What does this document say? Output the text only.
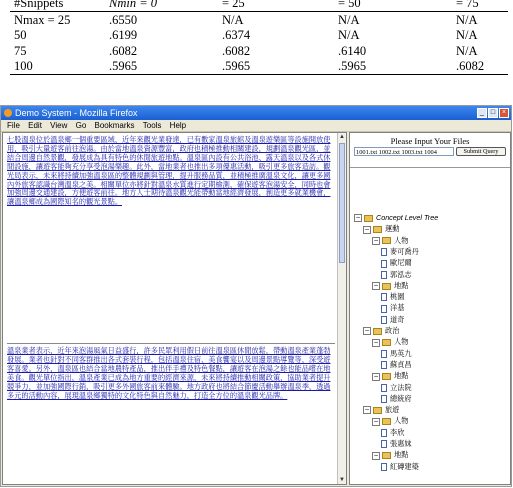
#Snippets	Nmin = 0	= 25	= 50	= 75
Nmax = 25	.6550	N/A	N/A	N/A
50	.6199	.6374	N/A	N/A
75	.6082	.6082	.6140	N/A
100	.5965	.5965	.5965	.6082
Demo System - Mozilla Firefox	_ □ ×
File Edit View Go Bookmarks Tools Help
七股溫泉位於溫泉鄉一個重要區域，近年來觀光業發達，已有數家溫泉旅館及溫泉遊樂區等設施開放使用，吸引大量遊客前往泡湯。由於當地溫泉資源豐富，政府也積極推動相關建設，規劃溫泉觀光區，並結合周邊自然景觀，發展成為具有特色的休閒旅遊地點。溫泉區內設有公共浴池、露天溫泉以及各式休閒設施，讓遊客能夠充分享受泡湯樂趣。此外，當地業者也推出多項優惠活動，吸引更多旅客造訪。觀光局表示，未來將持續加強溫泉區的整體規劃與管理，提升服務品質，並積極推廣溫泉文化，讓更多國內外旅客認識台灣溫泉之美。相關單位亦將針對溫泉水質進行定期檢測，確保遊客泡湯安全，同時也會加強周邊交通建設，方便遊客前往。地方人士期待溫泉觀光能帶動當地經濟發展，創造更多就業機會，讓溫泉鄉成為國際知名的觀光景點。
溫泉業者表示，近年來泡湯風氣日益盛行，許多民眾利用假日前往溫泉區休閒放鬆，帶動溫泉產業蓬勃發展。業者也針對不同客群推出各式套裝行程，包括溫泉住宿、美食饗宴以及周邊景點導覽等，深受遊客喜愛。另外，溫泉區也結合當地農特產品，推出伴手禮及特色餐點，讓遊客在泡湯之餘也能品嚐在地美食。觀光單位指出，溫泉產業已成為地方重要的經濟來源，未來將持續推動相關政策，協助業者提升競爭力，並加強國際行銷，吸引更多外國旅客前來體驗。地方政府也將結合節慶活動舉辦溫泉季，透過多元的活動內容，展現溫泉鄉獨特的文化特色與自然魅力，打造全方位的溫泉觀光品牌。
▲
▼
Please Input Your Files
1001.txt 1002.txt 1003.txt 1004	Submit Query
− Concept Level Tree
− 運動
− 人物
麥可喬丹
歐尼爾
郭泓志
− 地點
桃園
洋基
道奇
− 政治
− 人物
馬英九
蘇貞昌
− 地點
立法院
總統府
− 旅遊
− 人物
李欣
張惠妹
− 地點
紅磚建築
